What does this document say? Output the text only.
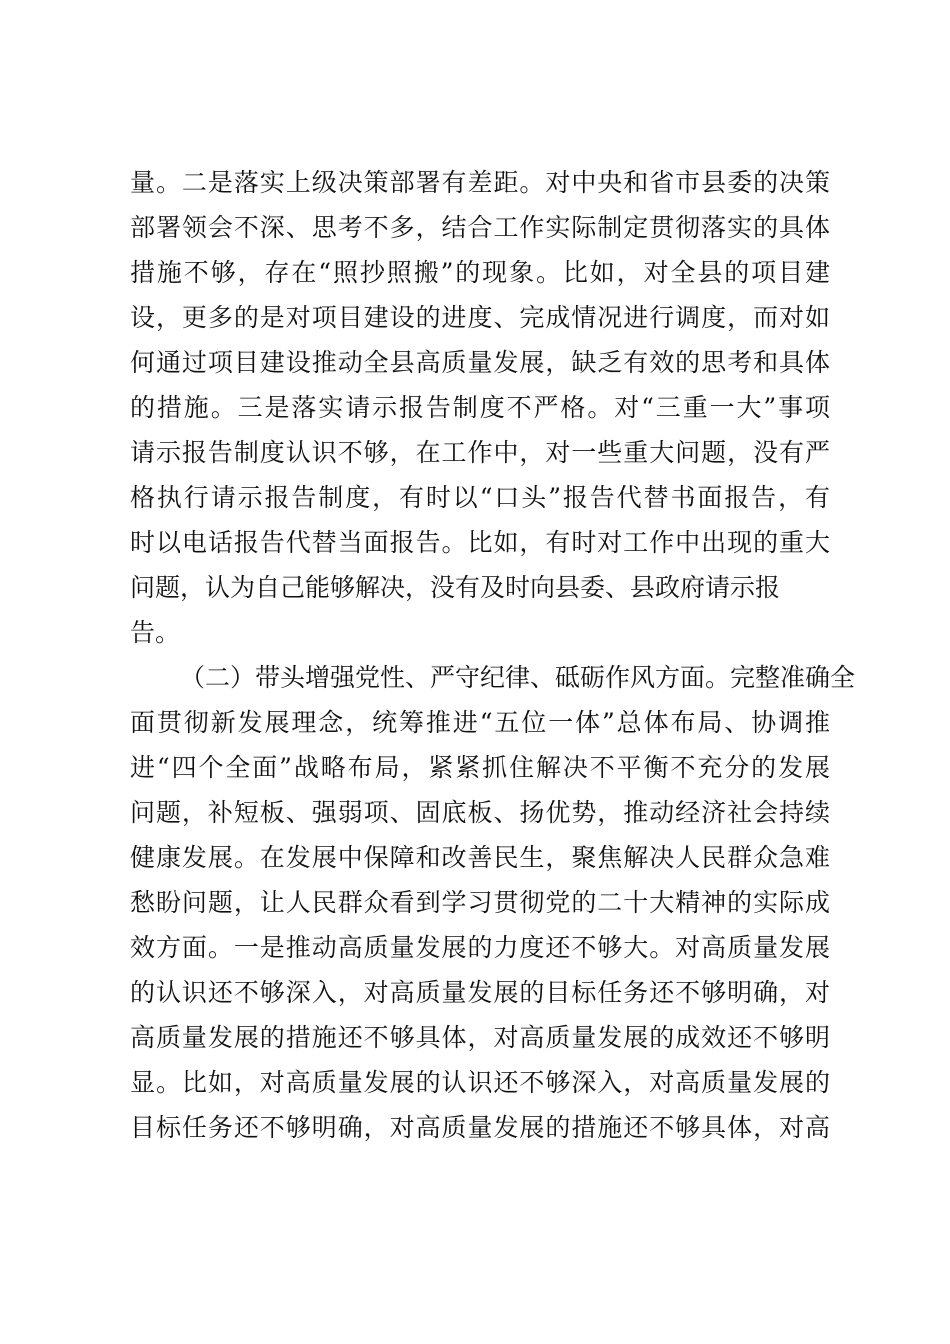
量。二是落实上级决策部署有差距。对中央和省市县委的决策
部署领会不深、思考不多，结合工作实际制定贯彻落实的具体
措施不够，存在“照抄照搬”的现象。比如，对全县的项目建
设，更多的是对项目建设的进度、完成情况进行调度，而对如
何通过项目建设推动全县高质量发展，缺乏有效的思考和具体
的措施。三是落实请示报告制度不严格。对“三重一大”事项
请示报告制度认识不够，在工作中，对一些重大问题，没有严
格执行请示报告制度，有时以“口头”报告代替书面报告，有
时以电话报告代替当面报告。比如，有时对工作中出现的重大
问题，认为自己能够解决，没有及时向县委、县政府请示报
告。
（二）带头增强党性、严守纪律、砥砺作风方面。完整准确全
面贯彻新发展理念，统筹推进“五位一体”总体布局、协调推
进“四个全面”战略布局，紧紧抓住解决不平衡不充分的发展
问题，补短板、强弱项、固底板、扬优势，推动经济社会持续
健康发展。在发展中保障和改善民生，聚焦解决人民群众急难
愁盼问题，让人民群众看到学习贯彻党的二十大精神的实际成
效方面。一是推动高质量发展的力度还不够大。对高质量发展
的认识还不够深入，对高质量发展的目标任务还不够明确，对
高质量发展的措施还不够具体，对高质量发展的成效还不够明
显。比如，对高质量发展的认识还不够深入，对高质量发展的
目标任务还不够明确，对高质量发展的措施还不够具体，对高
